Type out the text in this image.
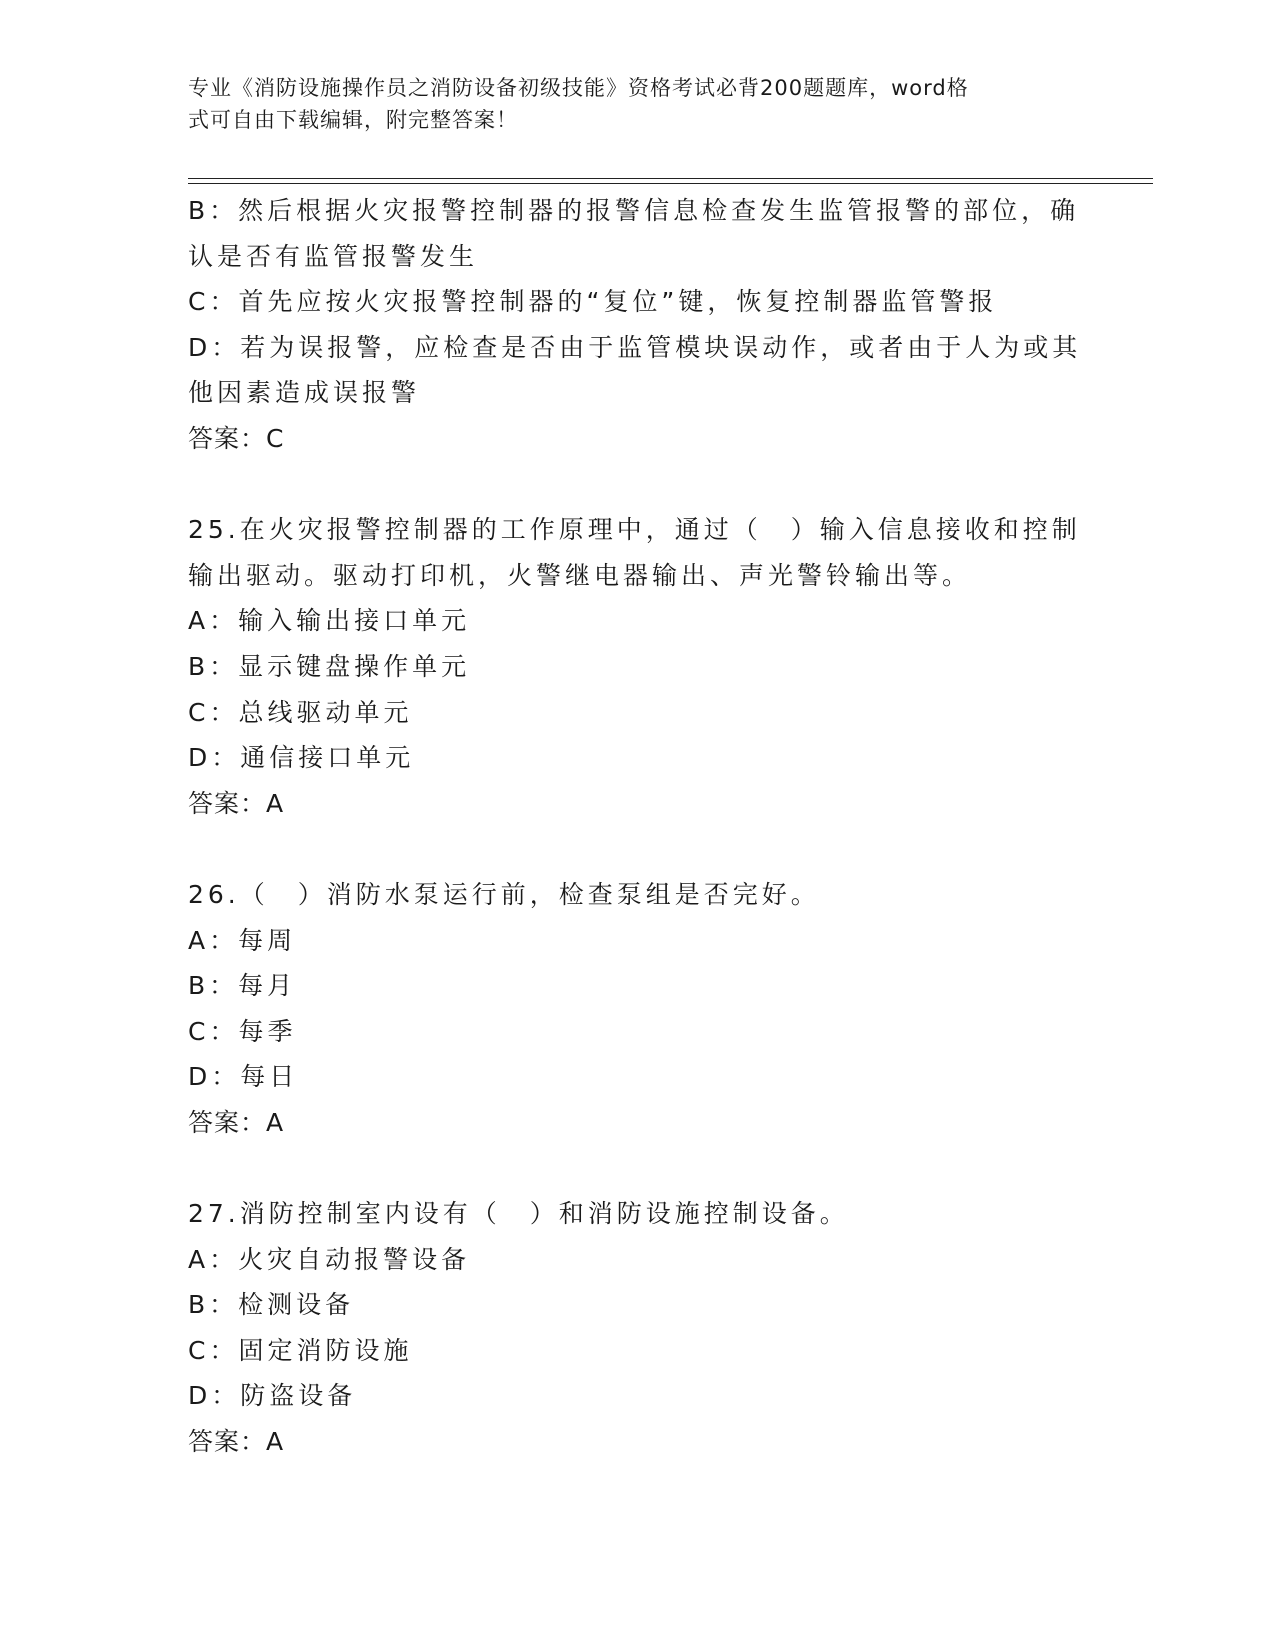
专业《消防设施操作员之消防设备初级技能》资格考试必背200题题库，word格
式可自由下载编辑，附完整答案！
B：然后根据火灾报警控制器的报警信息检查发生监管报警的部位，确
认是否有监管报警发生
C：首先应按火灾报警控制器的“复位”键，恢复控制器监管警报
D：若为误报警，应检查是否由于监管模块误动作，或者由于人为或其
他因素造成误报警
答案：C
25.在火灾报警控制器的工作原理中，通过（　）输入信息接收和控制
输出驱动。驱动打印机，火警继电器输出、声光警铃输出等。
A：输入输出接口单元
B：显示键盘操作单元
C：总线驱动单元
D：通信接口单元
答案：A
26.（　）消防水泵运行前，检查泵组是否完好。
A：每周
B：每月
C：每季
D：每日
答案：A
27.消防控制室内设有（　）和消防设施控制设备。
A：火灾自动报警设备
B：检测设备
C：固定消防设施
D：防盗设备
答案：A
